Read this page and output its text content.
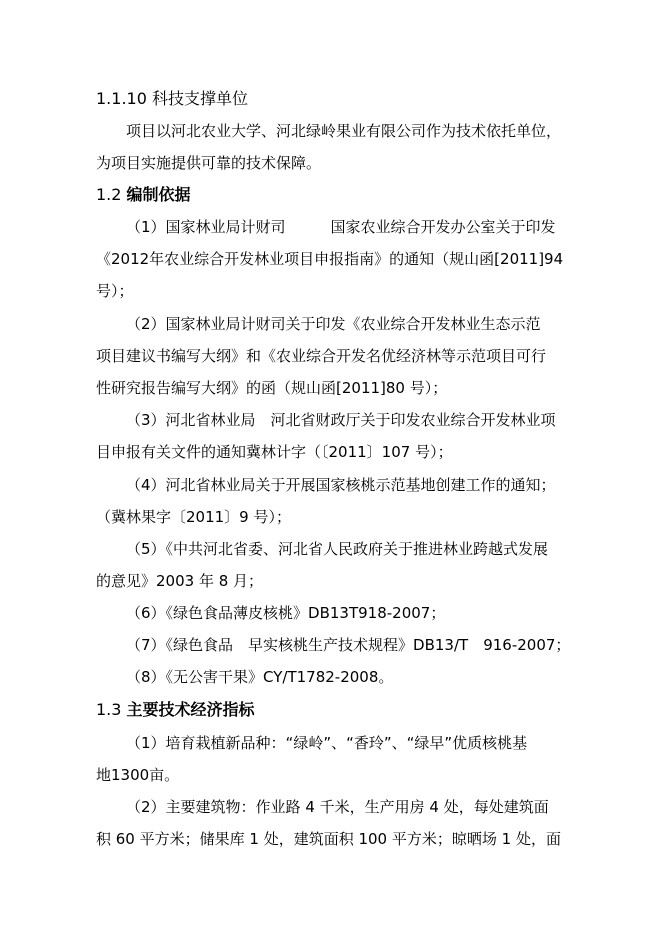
1.1.10 科技支撑单位
项目以河北农业大学、河北绿岭果业有限公司作为技术依托单位，
为项目实施提供可靠的技术保障。
1.2 编制依据
（1）国家林业局计财司　　　国家农业综合开发办公室关于印发
《2012年农业综合开发林业项目申报指南》的通知（规山函[2011]94
号）；
（2）国家林业局计财司关于印发《农业综合开发林业生态示范
项目建议书编写大纲》和《农业综合开发名优经济林等示范项目可行
性研究报告编写大纲》的函（规山函[2011]80 号）；
（3）河北省林业局　河北省财政厅关于印发农业综合开发林业项
目申报有关文件的通知冀林计字（〔2011〕107 号）；
（4）河北省林业局关于开展国家核桃示范基地创建工作的通知；
（冀林果字〔2011〕9 号）；
（5）《中共河北省委、河北省人民政府关于推进林业跨越式发展
的意见》2003 年 8 月；
（6）《绿色食品薄皮核桃》DB13T918-2007；
（7）《绿色食品　早实核桃生产技术规程》DB13/T　916-2007；
（8）《无公害干果》CY/T1782-2008。
1.3 主要技术经济指标
（1）培育栽植新品种：“绿岭”、“香玲”、“绿早”优质核桃基
地1300亩。
（2）主要建筑物：作业路 4 千米，生产用房 4 处，每处建筑面
积 60 平方米；储果库 1 处，建筑面积 100 平方米；晾晒场 1 处，面
